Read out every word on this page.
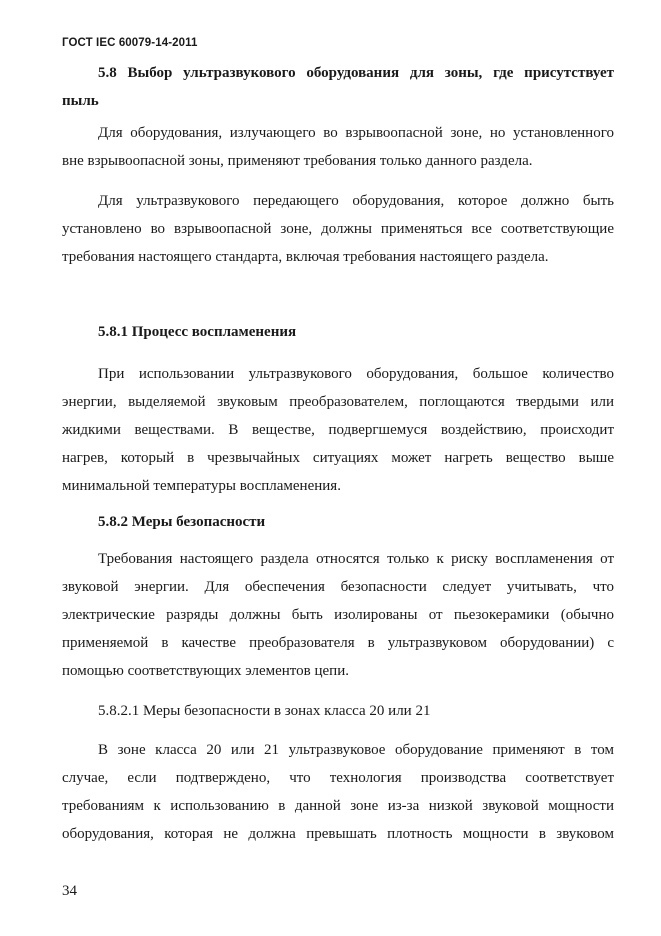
ГОСТ IEC 60079-14-2011
5.8 Выбор ультразвукового оборудования для зоны, где присутствует
пыль
Для оборудования, излучающего во взрывоопасной зоне, но установленного
вне взрывоопасной зоны, применяют требования только данного раздела.
Для ультразвукового передающего оборудования, которое должно быть
установлено во взрывоопасной зоне, должны применяться все соответствующие
требования настоящего стандарта, включая требования настоящего раздела.
5.8.1 Процесс воспламенения
При использовании ультразвукового оборудования, большое количество
энергии, выделяемой звуковым преобразователем, поглощаются твердыми или
жидкими веществами. В веществе, подвергшемуся воздействию, происходит
нагрев, который в чрезвычайных ситуациях может нагреть вещество выше
минимальной температуры воспламенения.
5.8.2 Меры безопасности
Требования настоящего раздела относятся только к риску воспламенения от
звуковой энергии. Для обеспечения безопасности следует учитывать, что
электрические разряды должны быть изолированы от пьезокерамики (обычно
применяемой в качестве преобразователя в ультразвуковом оборудовании) с
помощью соответствующих элементов цепи.
5.8.2.1 Меры безопасности в зонах класса 20 или 21
В зоне класса 20 или 21 ультразвуковое оборудование применяют в том
случае, если подтверждено, что технология производства соответствует
требованиям к использованию в данной зоне из-за низкой звуковой мощности
оборудования, которая не должна превышать плотность мощности в звуковом
34
